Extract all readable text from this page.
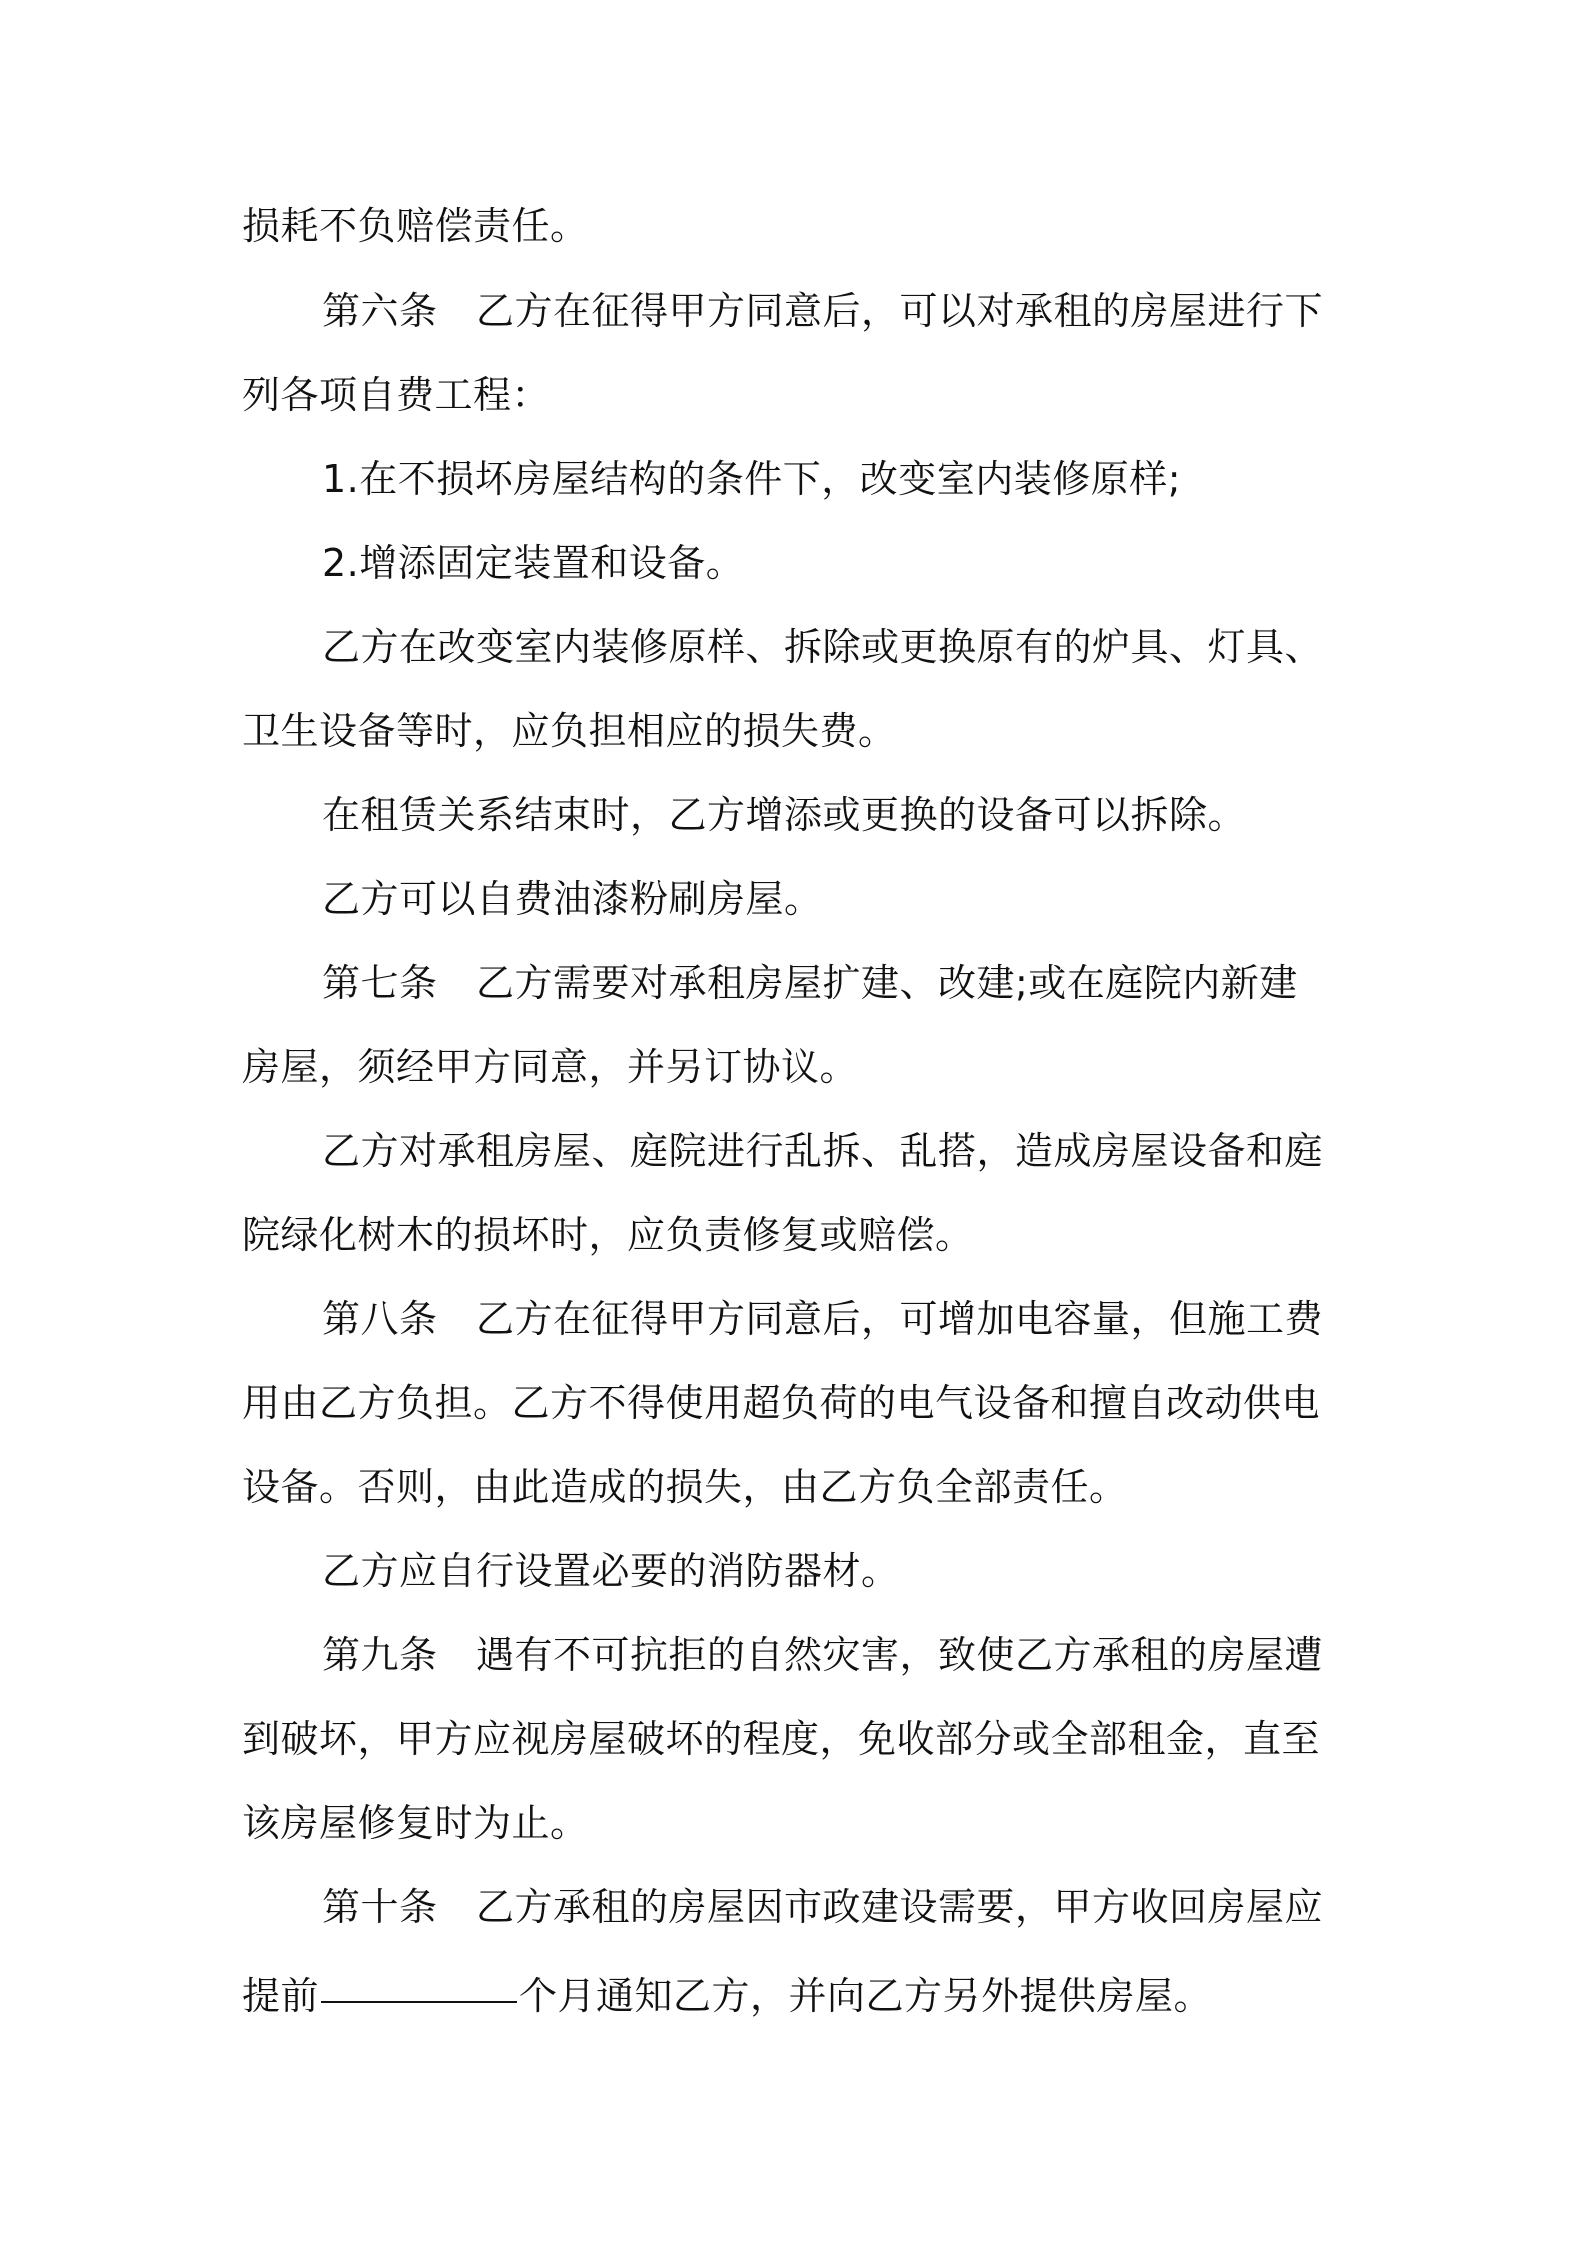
损耗不负赔偿责任。
第六条　乙方在征得甲方同意后，可以对承租的房屋进行下
列各项自费工程：
1.在不损坏房屋结构的条件下，改变室内装修原样;
2.增添固定装置和设备。
乙方在改变室内装修原样、拆除或更换原有的炉具、灯具、
卫生设备等时，应负担相应的损失费。
在租赁关系结束时，乙方增添或更换的设备可以拆除。
乙方可以自费油漆粉刷房屋。
第七条　乙方需要对承租房屋扩建、改建;或在庭院内新建
房屋，须经甲方同意，并另订协议。
乙方对承租房屋、庭院进行乱拆、乱搭，造成房屋设备和庭
院绿化树木的损坏时，应负责修复或赔偿。
第八条　乙方在征得甲方同意后，可增加电容量，但施工费
用由乙方负担。乙方不得使用超负荷的电气设备和擅自改动供电
设备。否则，由此造成的损失，由乙方负全部责任。
乙方应自行设置必要的消防器材。
第九条　遇有不可抗拒的自然灾害，致使乙方承租的房屋遭
到破坏，甲方应视房屋破坏的程度，免收部分或全部租金，直至
该房屋修复时为止。
第十条　乙方承租的房屋因市政建设需要，甲方收回房屋应
提前	个月通知乙方，并向乙方另外提供房屋。
